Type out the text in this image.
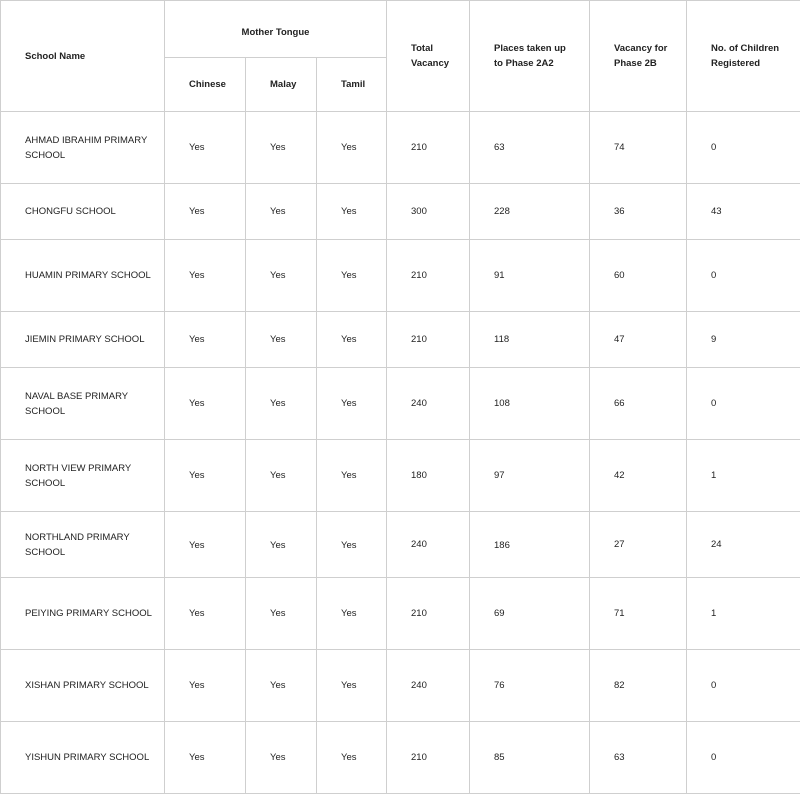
School Name	Mother Tongue			Total Vacancy	Places taken up to Phase 2A2	Vacancy for Phase 2B	No. of Children Registered

	Chinese	Malay	Tamil				
AHMAD IBRAHIM PRIMARY SCHOOL	Yes	Yes	Yes	210	63	74	0
CHONGFU SCHOOL	Yes	Yes	Yes	300	228	36	43
HUAMIN PRIMARY SCHOOL	Yes	Yes	Yes	210	91	60	0
JIEMIN PRIMARY SCHOOL	Yes	Yes	Yes	210	118	47	9
NAVAL BASE PRIMARY SCHOOL	Yes	Yes	Yes	240	108	66	0
NORTH VIEW PRIMARY SCHOOL	Yes	Yes	Yes	180	97	42	1
NORTHLAND PRIMARY SCHOOL	Yes	Yes	Yes	240	186	27	24
PEIYING PRIMARY SCHOOL	Yes	Yes	Yes	210	69	71	1
XISHAN PRIMARY SCHOOL	Yes	Yes	Yes	240	76	82	0
YISHUN PRIMARY SCHOOL	Yes	Yes	Yes	210	85	63	0
